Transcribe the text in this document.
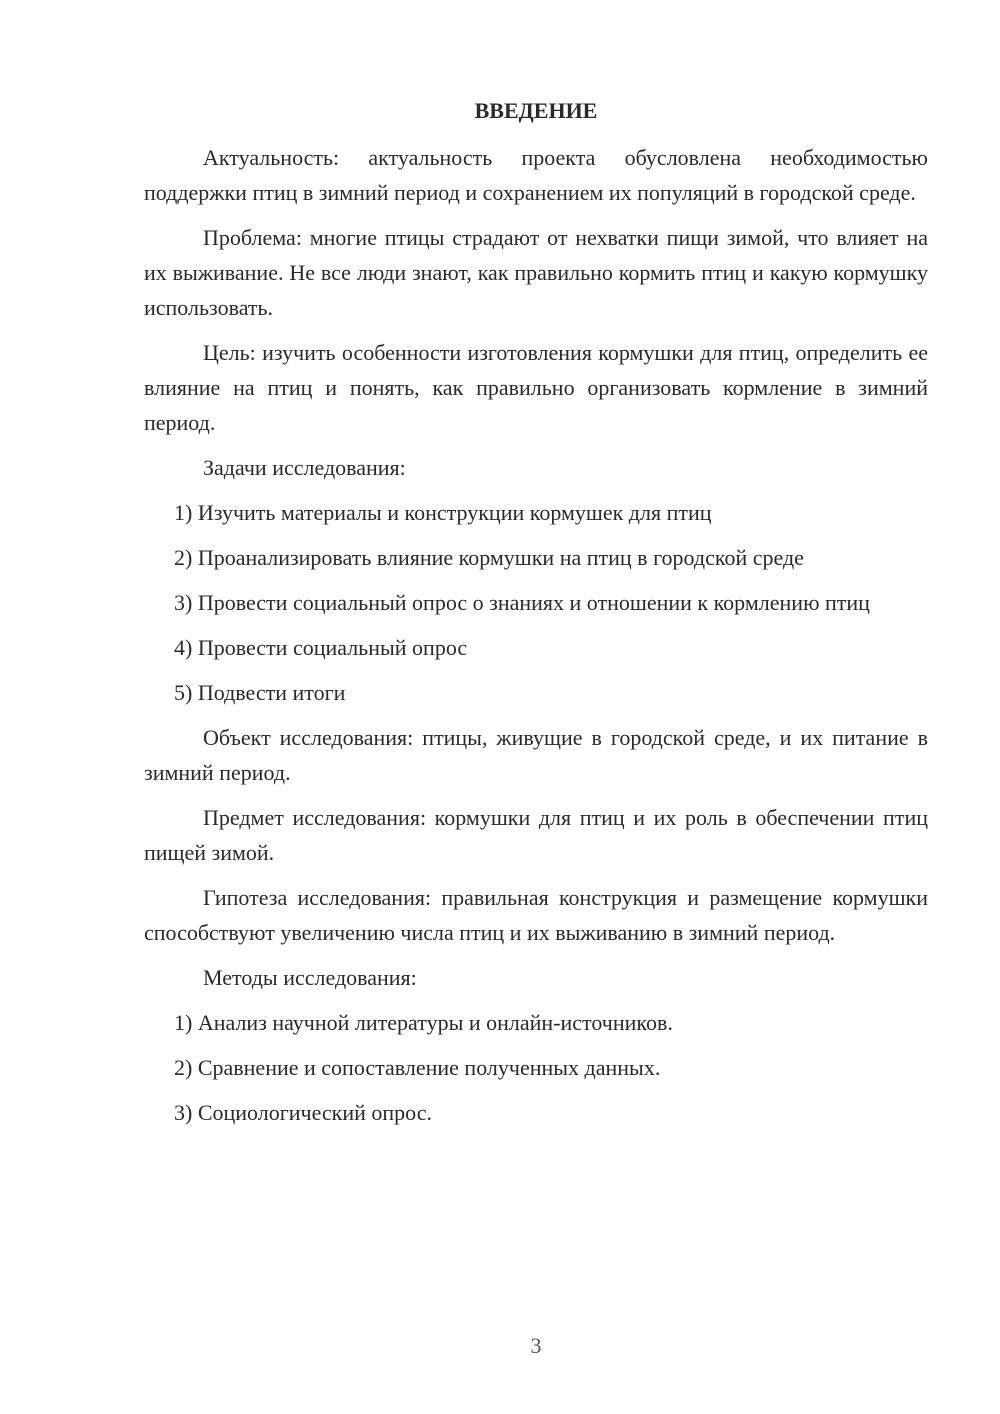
ВВЕДЕНИЕ

Актуальность: актуальность проекта обусловлена необходимостью поддержки птиц в зимний период и сохранением их популяций в городской среде.

Проблема: многие птицы страдают от нехватки пищи зимой, что влияет на их выживание. Не все люди знают, как правильно кормить птиц и какую кормушку использовать.

Цель: изучить особенности изготовления кормушки для птиц, определить ее влияние на птиц и понять, как правильно организовать кормление в зимний период.

Задачи исследования:

1) Изучить материалы и конструкции кормушек для птиц

2) Проанализировать влияние кормушки на птиц в городской среде

3) Провести социальный опрос о знаниях и отношении к кормлению птиц

4) Провести социальный опрос

5) Подвести итоги

Объект исследования: птицы, живущие в городской среде, и их питание в зимний период.

Предмет исследования: кормушки для птиц и их роль в обеспечении птиц пищей зимой.

Гипотеза исследования: правильная конструкция и размещение кормушки способствуют увеличению числа птиц и их выживанию в зимний период.

Методы исследования:

1) Анализ научной литературы и онлайн-источников.

2) Сравнение и сопоставление полученных данных.

3) Социологический опрос.

3
